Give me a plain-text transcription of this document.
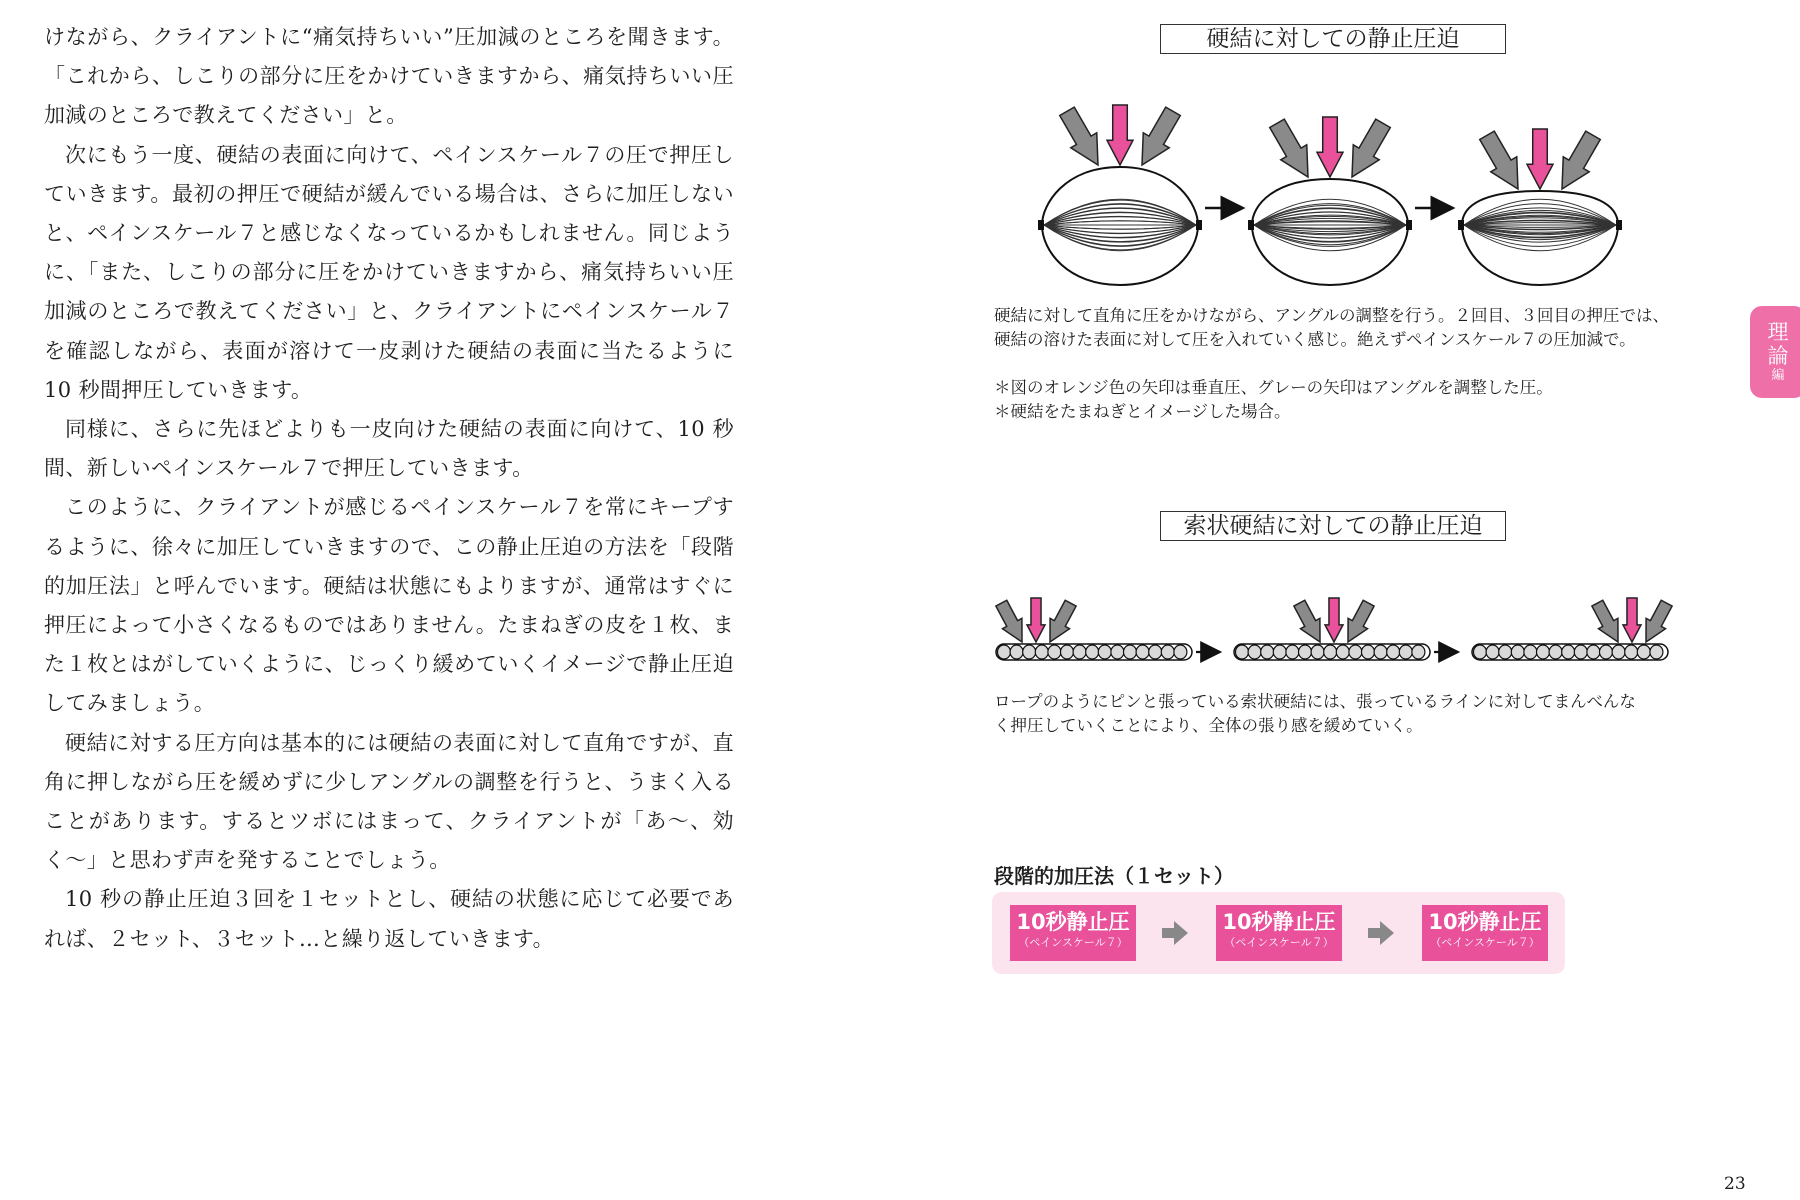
けながら、クライアントに“痛気持ちいい”圧加減のところを聞きます。「これから、しこりの部分に圧をかけていきますから、痛気持ちいい圧加減のところで教えてください」と。

次にもう一度、硬結の表面に向けて、ペインスケール７の圧で押圧していきます。最初の押圧で硬結が緩んでいる場合は、さらに加圧しないと、ペインスケール７と感じなくなっているかもしれません。同じように、「また、しこりの部分に圧をかけていきますから、痛気持ちいい圧加減のところで教えてください」と、クライアントにペインスケール７を確認しながら、表面が溶けて一皮剥けた硬結の表面に当たるように10 秒間押圧していきます。

同様に、さらに先ほどよりも一皮向けた硬結の表面に向けて、10 秒間、新しいペインスケール７で押圧していきます。

このように、クライアントが感じるペインスケール７を常にキープするように、徐々に加圧していきますので、この静止圧迫の方法を「段階的加圧法」と呼んでいます。硬結は状態にもよりますが、通常はすぐに押圧によって小さくなるものではありません。たまねぎの皮を１枚、また１枚とはがしていくように、じっくり緩めていくイメージで静止圧迫してみましょう。

硬結に対する圧方向は基本的には硬結の表面に対して直角ですが、直角に押しながら圧を緩めずに少しアングルの調整を行うと、うまく入ることがあります。するとツボにはまって、クライアントが「あ〜、効く〜」と思わず声を発することでしょう。

10 秒の静止圧迫３回を１セットとし、硬結の状態に応じて必要であれば、２セット、３セット…と繰り返していきます。

硬結に対しての静止圧迫

硬結に対して直角に圧をかけながら、アングルの調整を行う。２回目、３回目の押圧では、

硬結の溶けた表面に対して圧を入れていく感じ。絶えずペインスケール７の圧加減で。

＊図のオレンジ色の矢印は垂直圧、グレーの矢印はアングルを調整した圧。

＊硬結をたまねぎとイメージした場合。

索状硬結に対しての静止圧迫

ロープのようにピンと張っている索状硬結には、張っているラインに対してまんべんな

く押圧していくことにより、全体の張り感を緩めていく。

段階的加圧法（１セット）
10秒静止圧
（ペインスケール７）
10秒静止圧
（ペインスケール７）
10秒静止圧
（ペインスケール７）
理論
編
23
